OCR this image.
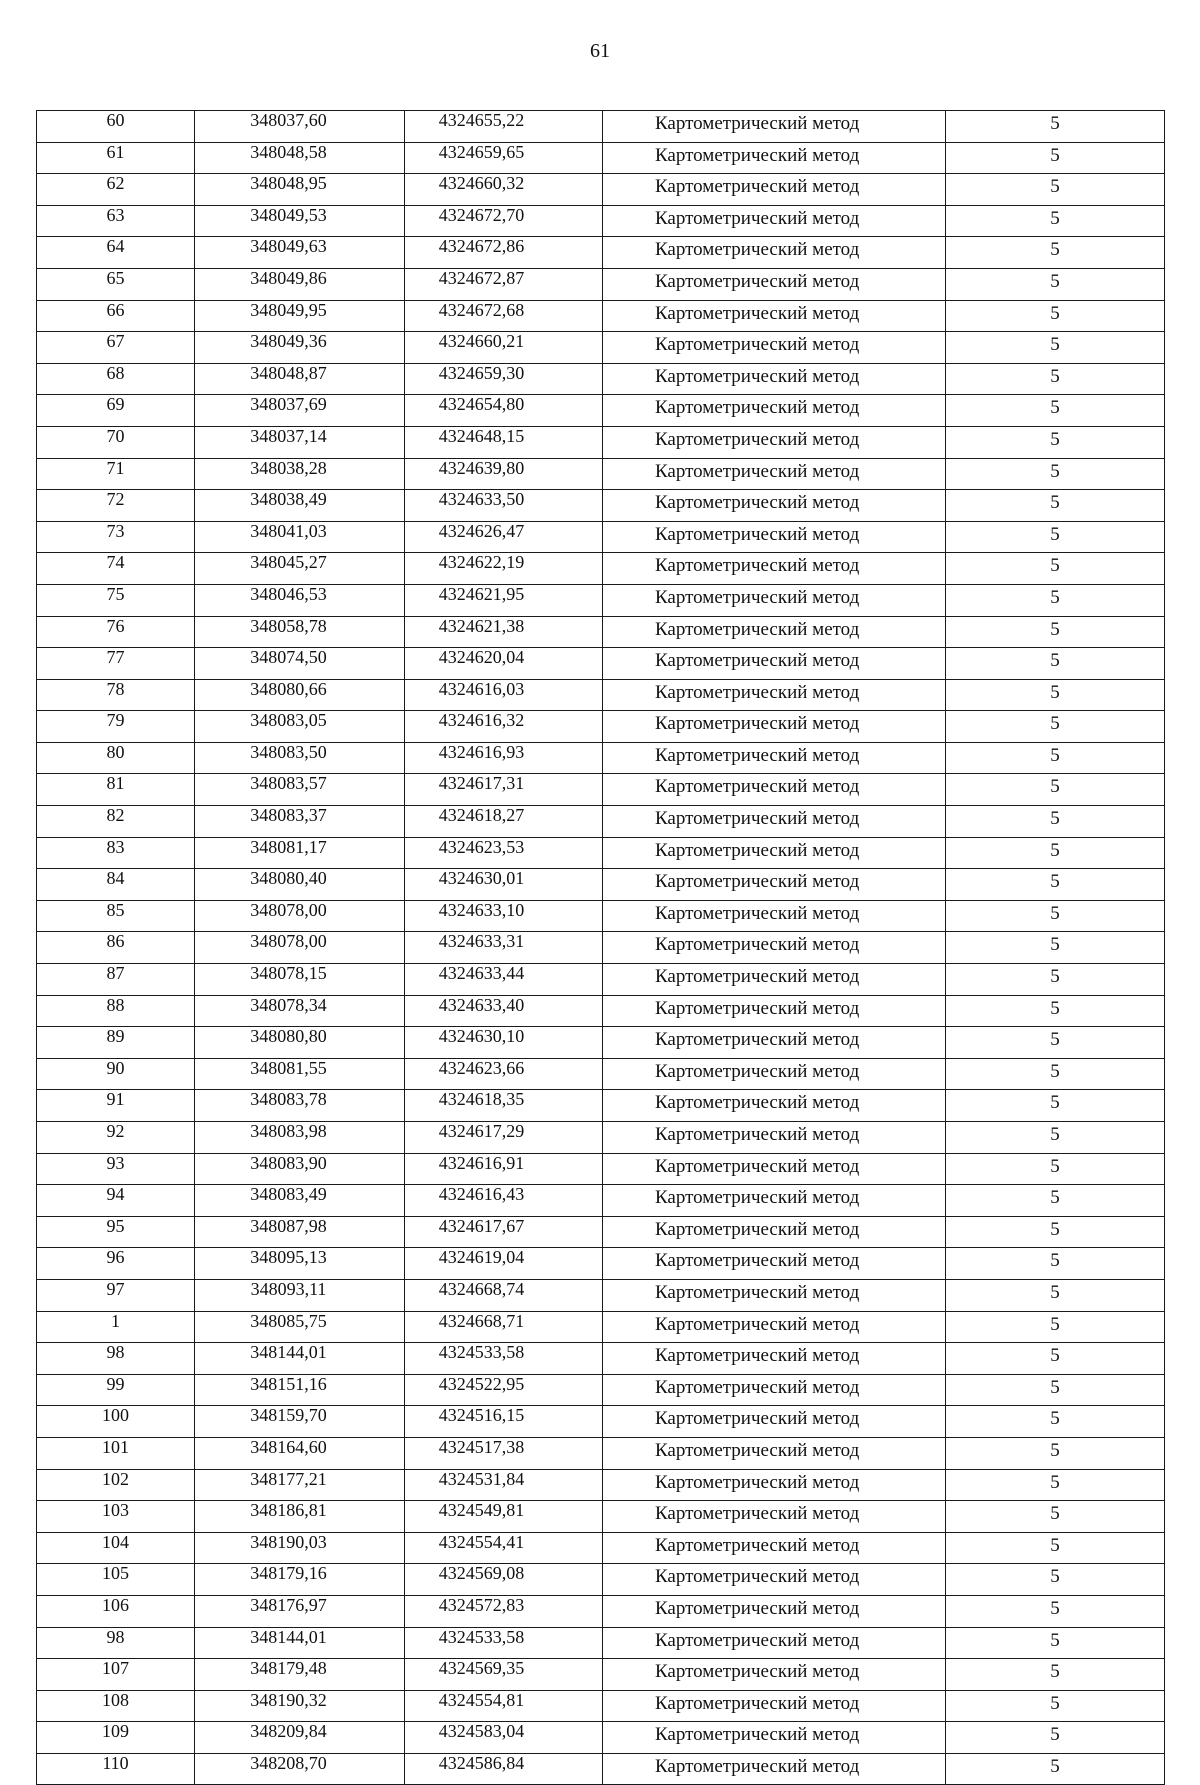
61
60	348037,60	4324655,22	Картометрический метод	5
61	348048,58	4324659,65	Картометрический метод	5
62	348048,95	4324660,32	Картометрический метод	5
63	348049,53	4324672,70	Картометрический метод	5
64	348049,63	4324672,86	Картометрический метод	5
65	348049,86	4324672,87	Картометрический метод	5
66	348049,95	4324672,68	Картометрический метод	5
67	348049,36	4324660,21	Картометрический метод	5
68	348048,87	4324659,30	Картометрический метод	5
69	348037,69	4324654,80	Картометрический метод	5
70	348037,14	4324648,15	Картометрический метод	5
71	348038,28	4324639,80	Картометрический метод	5
72	348038,49	4324633,50	Картометрический метод	5
73	348041,03	4324626,47	Картометрический метод	5
74	348045,27	4324622,19	Картометрический метод	5
75	348046,53	4324621,95	Картометрический метод	5
76	348058,78	4324621,38	Картометрический метод	5
77	348074,50	4324620,04	Картометрический метод	5
78	348080,66	4324616,03	Картометрический метод	5
79	348083,05	4324616,32	Картометрический метод	5
80	348083,50	4324616,93	Картометрический метод	5
81	348083,57	4324617,31	Картометрический метод	5
82	348083,37	4324618,27	Картометрический метод	5
83	348081,17	4324623,53	Картометрический метод	5
84	348080,40	4324630,01	Картометрический метод	5
85	348078,00	4324633,10	Картометрический метод	5
86	348078,00	4324633,31	Картометрический метод	5
87	348078,15	4324633,44	Картометрический метод	5
88	348078,34	4324633,40	Картометрический метод	5
89	348080,80	4324630,10	Картометрический метод	5
90	348081,55	4324623,66	Картометрический метод	5
91	348083,78	4324618,35	Картометрический метод	5
92	348083,98	4324617,29	Картометрический метод	5
93	348083,90	4324616,91	Картометрический метод	5
94	348083,49	4324616,43	Картометрический метод	5
95	348087,98	4324617,67	Картометрический метод	5
96	348095,13	4324619,04	Картометрический метод	5
97	348093,11	4324668,74	Картометрический метод	5
1	348085,75	4324668,71	Картометрический метод	5
98	348144,01	4324533,58	Картометрический метод	5
99	348151,16	4324522,95	Картометрический метод	5
100	348159,70	4324516,15	Картометрический метод	5
101	348164,60	4324517,38	Картометрический метод	5
102	348177,21	4324531,84	Картометрический метод	5
103	348186,81	4324549,81	Картометрический метод	5
104	348190,03	4324554,41	Картометрический метод	5
105	348179,16	4324569,08	Картометрический метод	5
106	348176,97	4324572,83	Картометрический метод	5
98	348144,01	4324533,58	Картометрический метод	5
107	348179,48	4324569,35	Картометрический метод	5
108	348190,32	4324554,81	Картометрический метод	5
109	348209,84	4324583,04	Картометрический метод	5
110	348208,70	4324586,84	Картометрический метод	5
